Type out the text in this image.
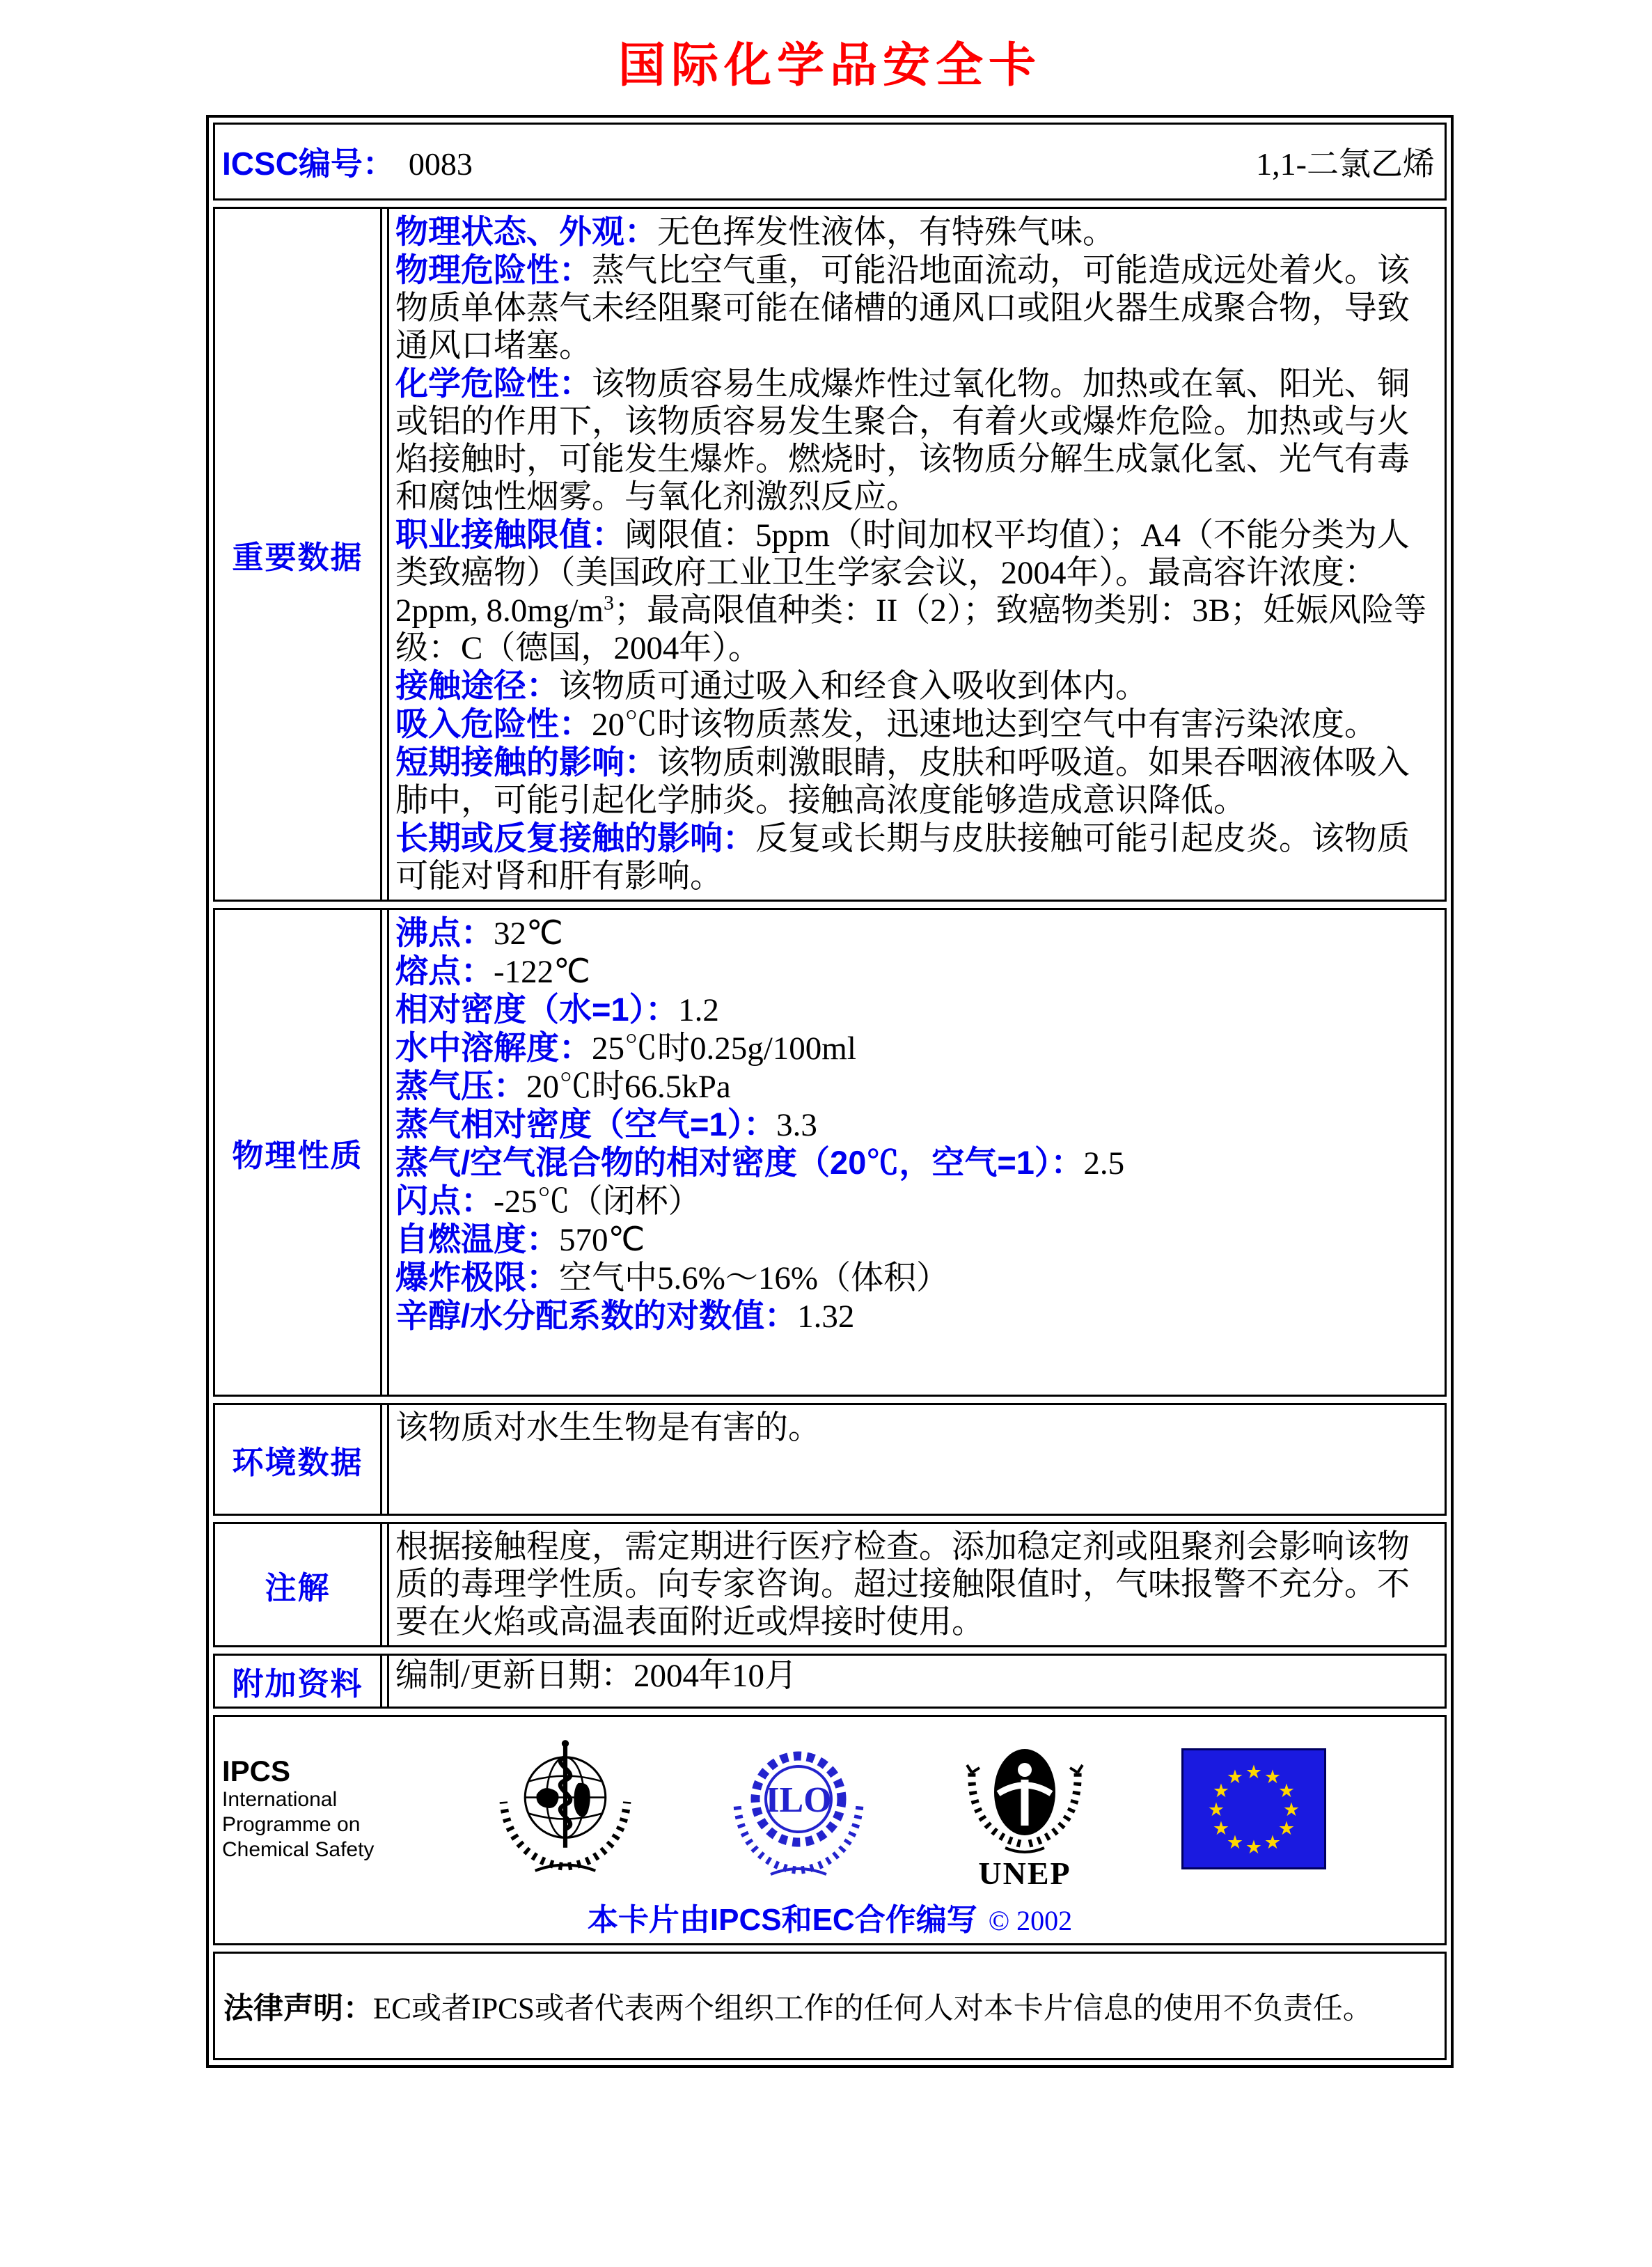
国际化学品安全卡
ICSC编号： 0083	1,1-二氯乙烯
重要数据

物理状态、外观：无色挥发性液体，有特殊气味。

物理危险性：蒸气比空气重，可能沿地面流动，可能造成远处着火。该物质单体蒸气未经阻聚可能在储槽的通风口或阻火器生成聚合物，导致通风口堵塞。

化学危险性：该物质容易生成爆炸性过氧化物。加热或在氧、阳光、铜或铝的作用下，该物质容易发生聚合，有着火或爆炸危险。加热或与火焰接触时，可能发生爆炸。燃烧时，该物质分解生成氯化氢、光气有毒和腐蚀性烟雾。与氧化剂激烈反应。

职业接触限值：阈限值：5ppm（时间加权平均值）；A4（不能分类为人类致癌物）（美国政府工业卫生学家会议，2004年）。最高容许浓度：2ppm, $8.0mg/m^3$；最高限值种类：II（2）；致癌物类别：3B；妊娠风险等级：C（德国，2004年）。

接触途径：该物质可通过吸入和经食入吸收到体内。

吸入危险性：20℃时该物质蒸发，迅速地达到空气中有害污染浓度。

短期接触的影响：该物质刺激眼睛，皮肤和呼吸道。如果吞咽液体吸入肺中，可能引起化学肺炎。接触高浓度能够造成意识降低。

长期或反复接触的影响：反复或长期与皮肤接触可能引起皮炎。该物质可能对肾和肝有影响。

物理性质

沸点：32℃

熔点：-122℃

相对密度（水=1）：1.2

水中溶解度：25℃时0.25g/100ml

蒸气压：20℃时66.5kPa

蒸气相对密度（空气=1）：3.3

蒸气/空气混合物的相对密度（20℃，空气=1）：2.5

闪点：-25℃（闭杯）

自燃温度：570℃

爆炸极限：空气中5.6%～16%（体积）

辛醇/水分配系数的对数值：1.32

环境数据

该物质对水生生物是有害的。

注解

根据接触程度，需定期进行医疗检查。添加稳定剂或阻聚剂会影响该物质的毒理学性质。向专家咨询。超过接触限值时，气味报警不充分。不要在火焰或高温表面附近或焊接时使用。

附加资料 编制/更新日期：2004年10月

IPCS
International Programme on Chemical Safety
ILO
UNEP
★ ★
★
★
★
★
★
★
★
★
★
★
本卡片由IPCS和EC合作编写 © 2002

法律声明：EC或者IPCS或者代表两个组织工作的任何人对本卡片信息的使用不负责任。
